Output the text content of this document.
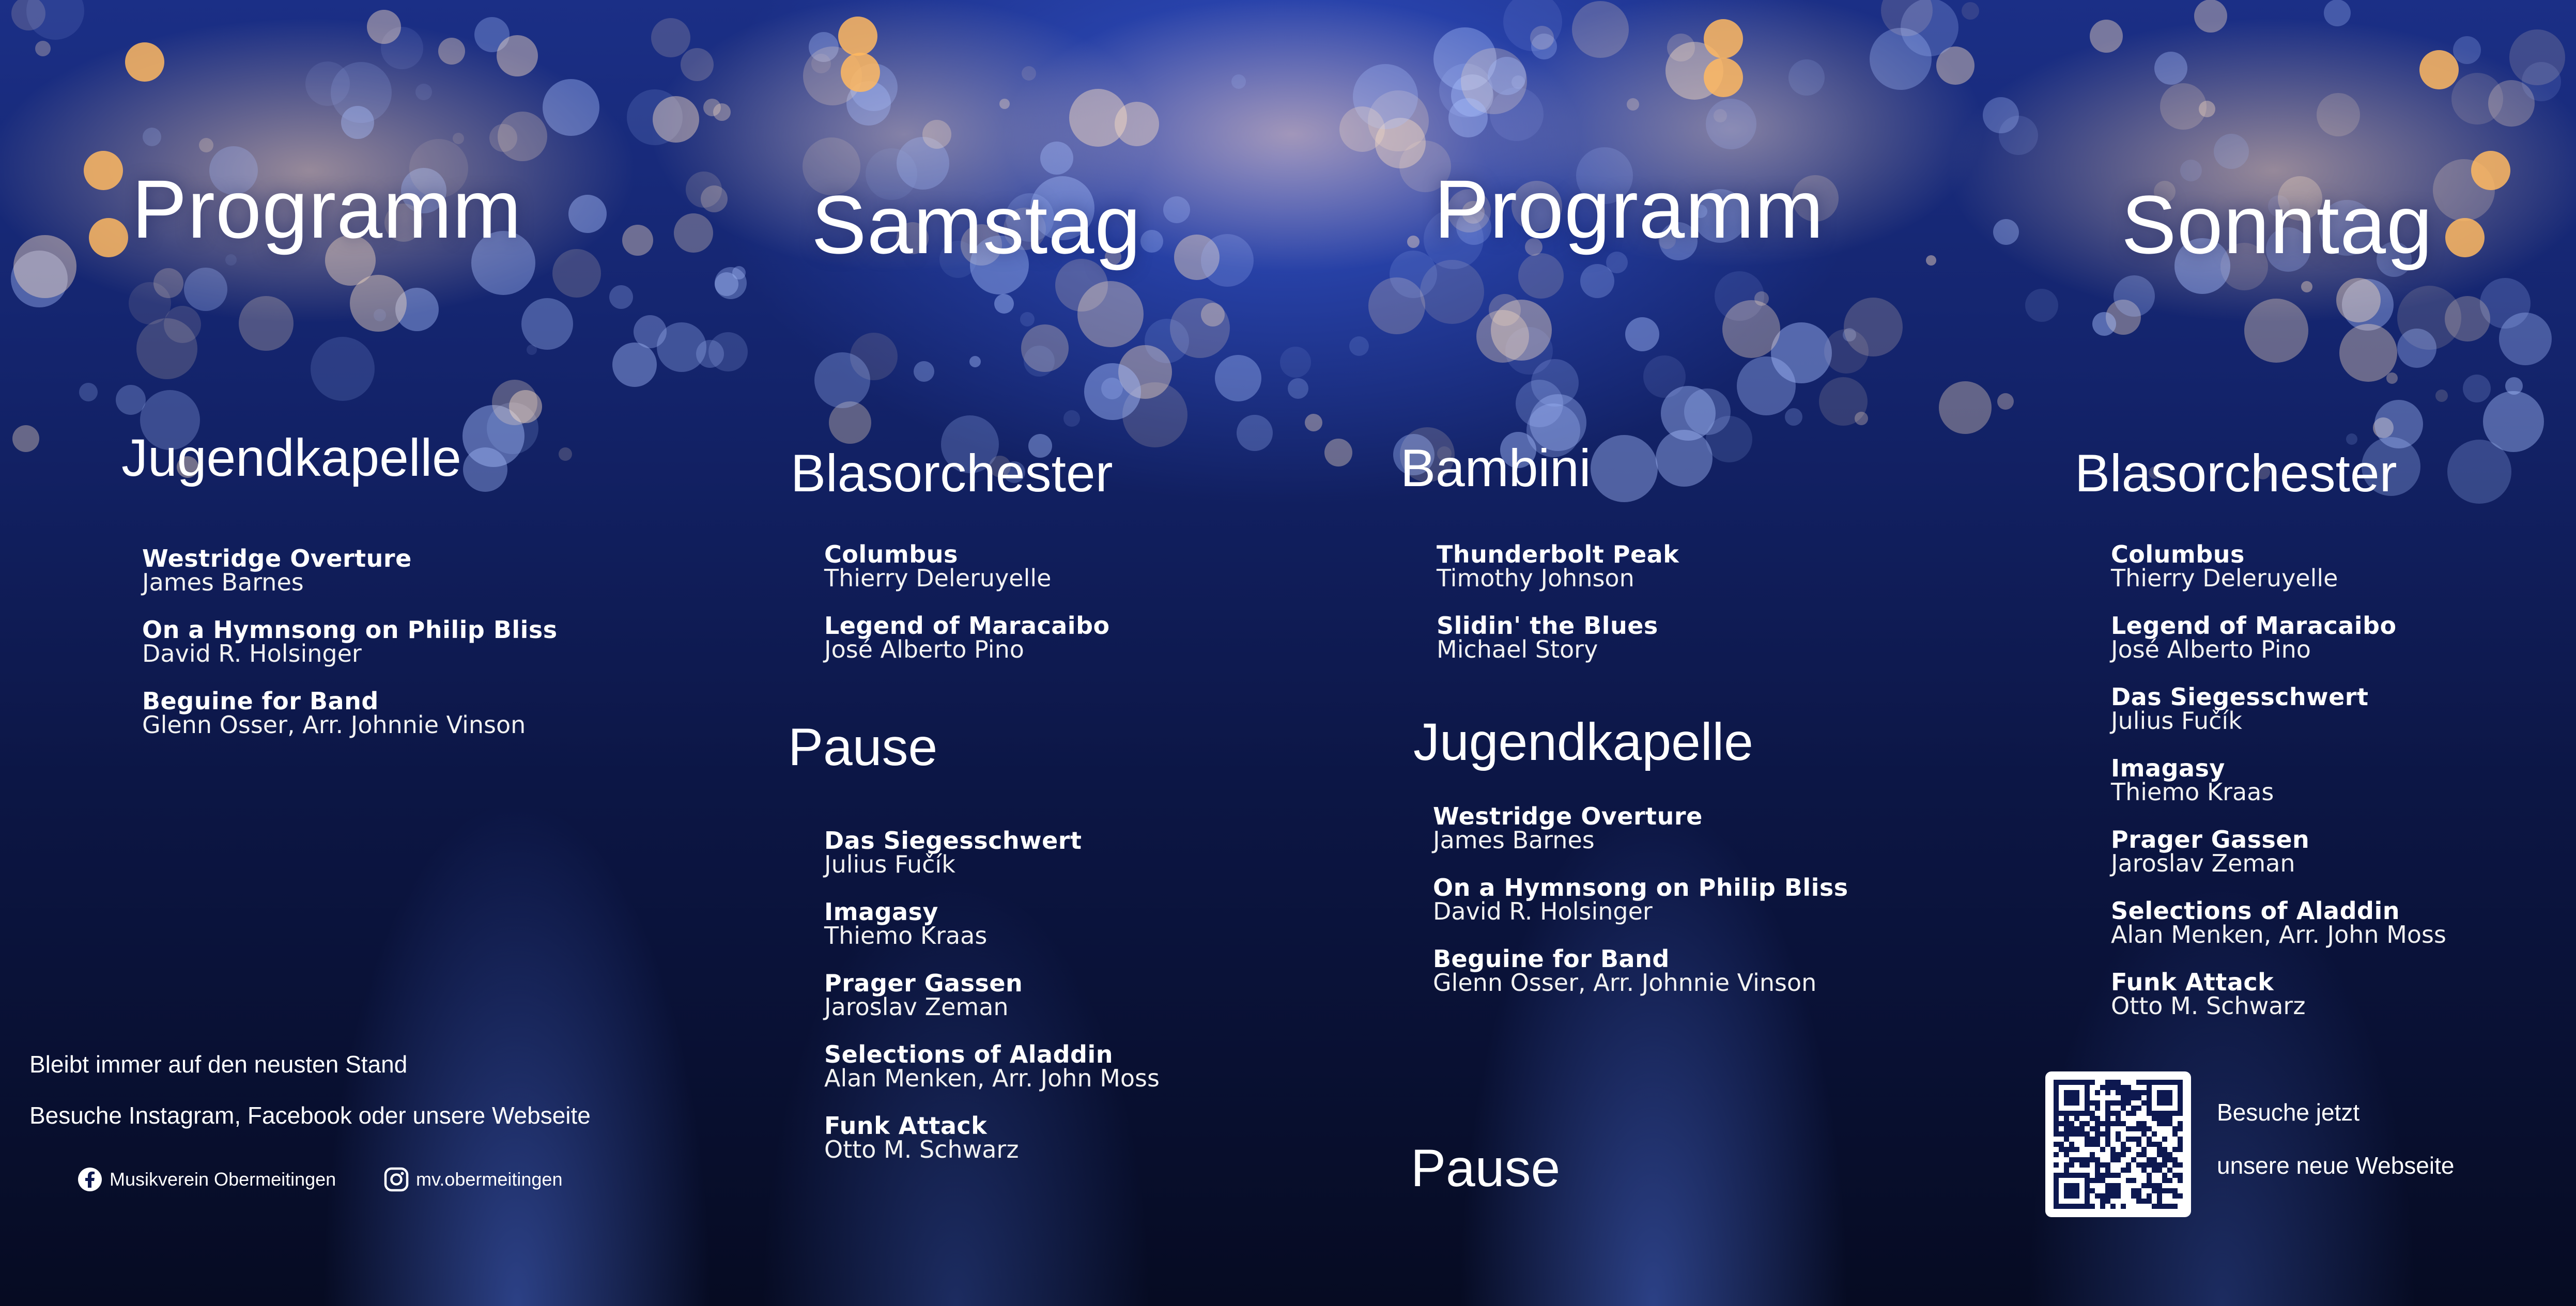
Programm
Jugendkapelle
Westridge Overture
James Barnes
On a Hymnsong on Philip Bliss
David R. Holsinger
Beguine for Band
Glenn Osser, Arr. Johnnie Vinson
Bleibt immer auf den neusten Stand
Besuche Instagram, Facebook oder unsere Webseite
Musikverein Obermeitingen	mv.obermeitingen
Samstag
Blasorchester
Columbus
Thierry Deleruyelle
Legend of Maracaibo
José Alberto Pino
Pause
Das Siegesschwert
Julius Fučík
Imagasy
Thiemo Kraas
Prager Gassen
Jaroslav Zeman
Selections of Aladdin
Alan Menken, Arr. John Moss
Funk Attack
Otto M. Schwarz
Programm
Bambini
Thunderbolt Peak
Timothy Johnson
Slidin' the Blues
Michael Story
Jugendkapelle
Westridge Overture
James Barnes
On a Hymnsong on Philip Bliss
David R. Holsinger
Beguine for Band
Glenn Osser, Arr. Johnnie Vinson
Pause
Sonntag
Blasorchester
Columbus
Thierry Deleruyelle
Legend of Maracaibo
José Alberto Pino
Das Siegesschwert
Julius Fučík
Imagasy
Thiemo Kraas
Prager Gassen
Jaroslav Zeman
Selections of Aladdin
Alan Menken, Arr. John Moss
Funk Attack
Otto M. Schwarz
Besuche jetzt
unsere neue Webseite
